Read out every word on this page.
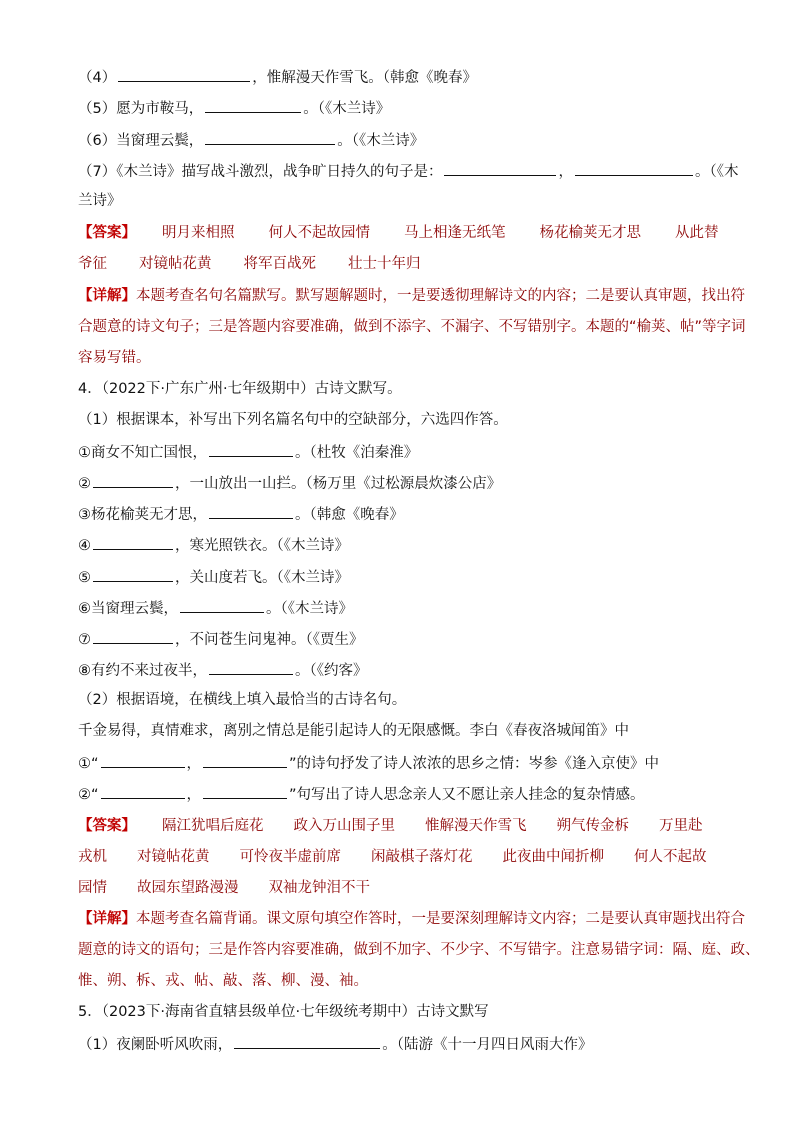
（4）	，惟解漫天作雪飞。（韩愈《晚春》
（5）愿为市鞍马，	。（《木兰诗》
（6）当窗理云鬓，	。（《木兰诗》
（7）《木兰诗》描写战斗激烈，战争旷日持久的句子是：	，	。（《木
兰诗》
【答案】 明月来相照 何人不起故园情 马上相逢无纸笔 杨花榆荚无才思 从此替
爷征 对镜帖花黄 将军百战死 壮士十年归
【详解】本题考查名句名篇默写。默写题解题时，一是要透彻理解诗文的内容；二是要认真审题，找出符
合题意的诗文句子；三是答题内容要准确，做到不添字、不漏字、不写错别字。本题的“榆荚、帖”等字词
容易写错。
4．（2022下·广东广州·七年级期中）古诗文默写。
（1）根据课本，补写出下列名篇名句中的空缺部分，六选四作答。
①商女不知亡国恨，	。（杜牧《泊秦淮》
②	，一山放出一山拦。（杨万里《过松源晨炊漆公店》
③杨花榆荚无才思，	。（韩愈《晚春》
④	，寒光照铁衣。（《木兰诗》
⑤	，关山度若飞。（《木兰诗》
⑥当窗理云鬓，	。（《木兰诗》
⑦	，不问苍生问鬼神。（《贾生》
⑧有约不来过夜半，	。（《约客》
（2）根据语境，在横线上填入最恰当的古诗名句。
千金易得，真情难求，离别之情总是能引起诗人的无限感慨。李白《春夜洛城闻笛》中
①“	，	”的诗句抒发了诗人浓浓的思乡之情：岑参《逢入京使》中
②“	，	”句写出了诗人思念亲人又不愿让亲人挂念的复杂情感。
【答案】 隔江犹唱后庭花 政入万山围子里 惟解漫天作雪飞 朔气传金柝 万里赴
戎机 对镜帖花黄 可怜夜半虚前席 闲敲棋子落灯花 此夜曲中闻折柳 何人不起故
园情 故园东望路漫漫 双袖龙钟泪不干
【详解】本题考查名篇背诵。课文原句填空作答时，一是要深刻理解诗文内容；二是要认真审题找出符合
题意的诗文的语句；三是作答内容要准确，做到不加字、不少字、不写错字。注意易错字词：隔、庭、政、
惟、朔、柝、戎、帖、敲、落、柳、漫、袖。
5．（2023下·海南省直辖县级单位·七年级统考期中）古诗文默写
（1）夜阑卧听风吹雨，	。（陆游《十一月四日风雨大作》
